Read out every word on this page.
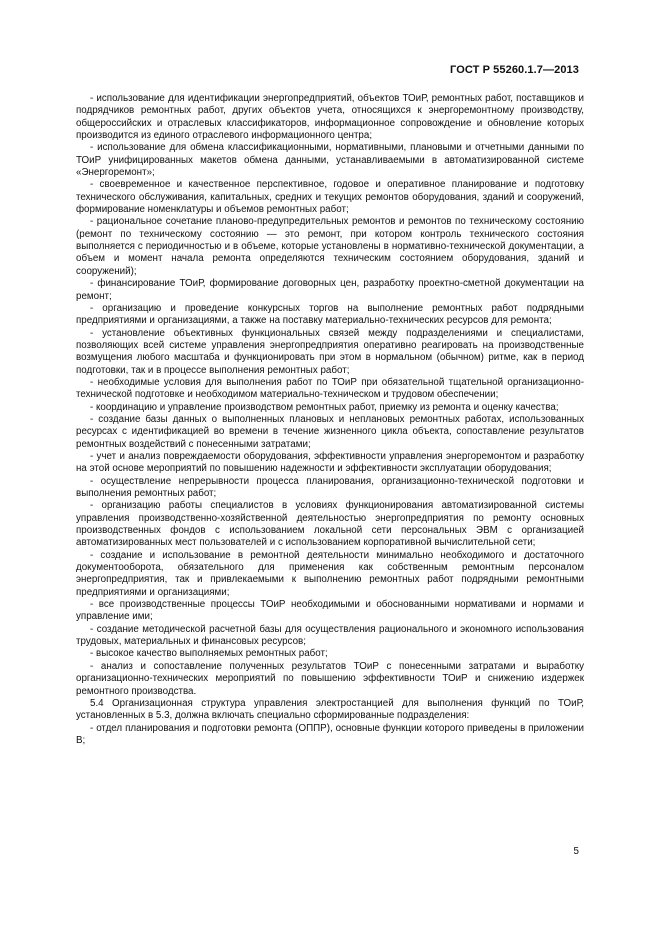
ГОСТ Р 55260.1.7—2013

- использование для идентификации энергопредприятий, объектов ТОиР, ремонтных работ, поставщиков и подрядчиков ремонтных работ, других объектов учета, относящихся к энергоремонтному производству, общероссийских и отраслевых классификаторов, информационное сопровождение и обновление которых производится из единого отраслевого информационного центра;

- использование для обмена классификационными, нормативными, плановыми и отчетными данными по ТОиР унифицированных макетов обмена данными, устанавливаемыми в автоматизированной системе «Энергоремонт»;

- своевременное и качественное перспективное, годовое и оперативное планирование и подготовку технического обслуживания, капитальных, средних и текущих ремонтов оборудования, зданий и сооружений, формирование номенклатуры и объемов ремонтных работ;

- рациональное сочетание планово-предупредительных ремонтов и ремонтов по техническому состоянию (ремонт по техническому состоянию — это ремонт, при котором контроль технического состояния выполняется с периодичностью и в объеме, которые установлены в нормативно-технической документации, а объем и момент начала ремонта определяются техническим состоянием оборудования, зданий и сооружений);

- финансирование ТОиР, формирование договорных цен, разработку проектно-сметной документации на ремонт;

- организацию и проведение конкурсных торгов на выполнение ремонтных работ подрядными предприятиями и организациями, а также на поставку материально-технических ресурсов для ремонта;

- установление объективных функциональных связей между подразделениями и специалистами, позволяющих всей системе управления энергопредприятия оперативно реагировать на производственные возмущения любого масштаба и функционировать при этом в нормальном (обычном) ритме, как в период подготовки, так и в процессе выполнения ремонтных работ;

- необходимые условия для выполнения работ по ТОиР при обязательной тщательной организационно-технической подготовке и необходимом материально-техническом и трудовом обеспечении;

- координацию и управление производством ремонтных работ, приемку из ремонта и оценку качества;

- создание базы данных о выполненных плановых и неплановых ремонтных работах, использованных ресурсах с идентификацией во времени в течение жизненного цикла объекта, сопоставление результатов ремонтных воздействий с понесенными затратами;

- учет и анализ повреждаемости оборудования, эффективности управления энергоремонтом и разработку на этой основе мероприятий по повышению надежности и эффективности эксплуатации оборудования;

- осуществление непрерывности процесса планирования, организационно-технической подготовки и выполнения ремонтных работ;

- организацию работы специалистов в условиях функционирования автоматизированной системы управления производственно-хозяйственной деятельностью энергопредприятия по ремонту основных производственных фондов с использованием локальной сети персональных ЭВМ с организацией автоматизированных мест пользователей и с использованием корпоративной вычислительной сети;

- создание и использование в ремонтной деятельности минимально необходимого и достаточного документооборота, обязательного для применения как собственным ремонтным персоналом энергопредприятия, так и привлекаемыми к выполнению ремонтных работ подрядными ремонтными предприятиями и организациями;

- все производственные процессы ТОиР необходимыми и обоснованными нормативами и нормами и управление ими;

- создание методической расчетной базы для осуществления рационального и экономного использования трудовых, материальных и финансовых ресурсов;

- высокое качество выполняемых ремонтных работ;

- анализ и сопоставление полученных результатов ТОиР с понесенными затратами и выработку организационно-технических мероприятий по повышению эффективности ТОиР и снижению издержек ремонтного производства.

5.4 Организационная структура управления электростанцией для выполнения функций по ТОиР, установленных в 5.3, должна включать специально сформированные подразделения:

- отдел планирования и подготовки ремонта (ОППР), основные функции которого приведены в приложении В;

5
